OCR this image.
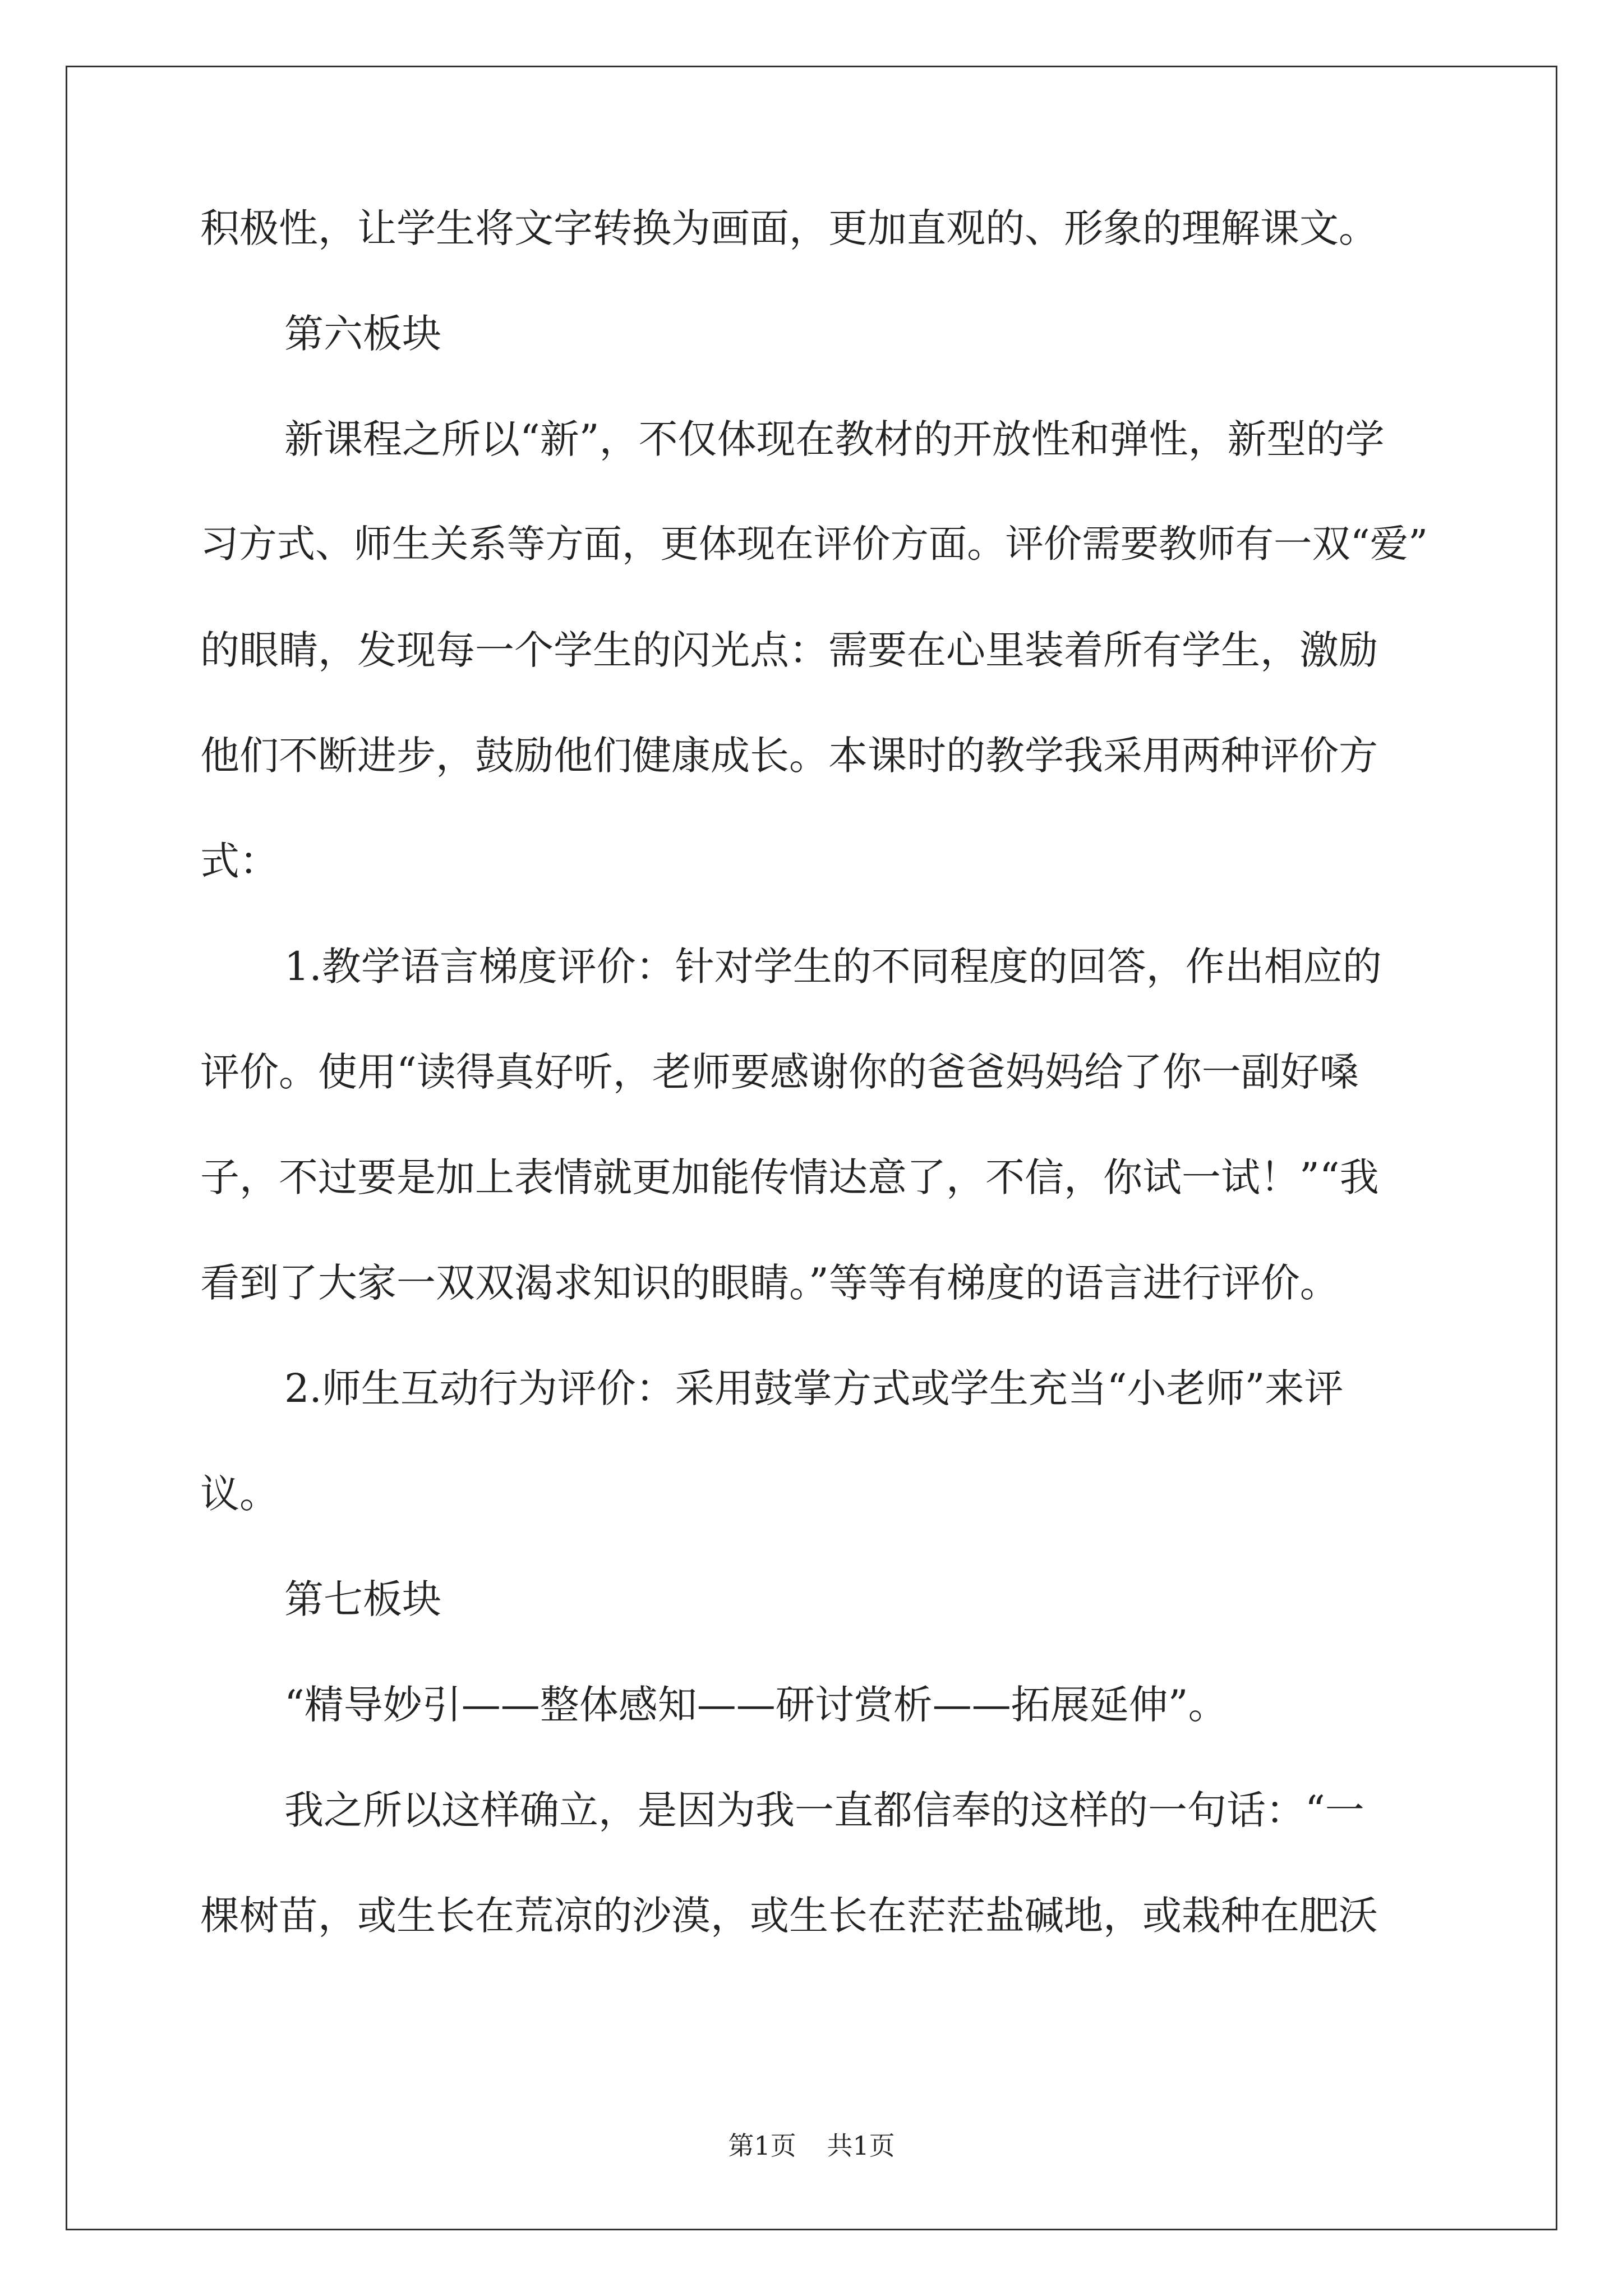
积极性，让学生将文字转换为画面，更加直观的、形象的理解课文。
第六板块
新课程之所以“新”，不仅体现在教材的开放性和弹性，新型的学
习方式、师生关系等方面，更体现在评价方面。评价需要教师有一双“爱”
的眼睛，发现每一个学生的闪光点：需要在心里装着所有学生，激励
他们不断进步，鼓励他们健康成长。本课时的教学我采用两种评价方
式：
1.教学语言梯度评价：针对学生的不同程度的回答，作出相应的
评价。使用“读得真好听，老师要感谢你的爸爸妈妈给了你一副好嗓
子，不过要是加上表情就更加能传情达意了，不信，你试一试！”“我
看到了大家一双双渴求知识的眼睛。”等等有梯度的语言进行评价。
2.师生互动行为评价：采用鼓掌方式或学生充当“小老师”来评
议。
第七板块
“精导妙引——整体感知——研讨赏析——拓展延伸”。
我之所以这样确立，是因为我一直都信奉的这样的一句话：“一
棵树苗，或生长在荒凉的沙漠，或生长在茫茫盐碱地，或栽种在肥沃
第1页 共1页
